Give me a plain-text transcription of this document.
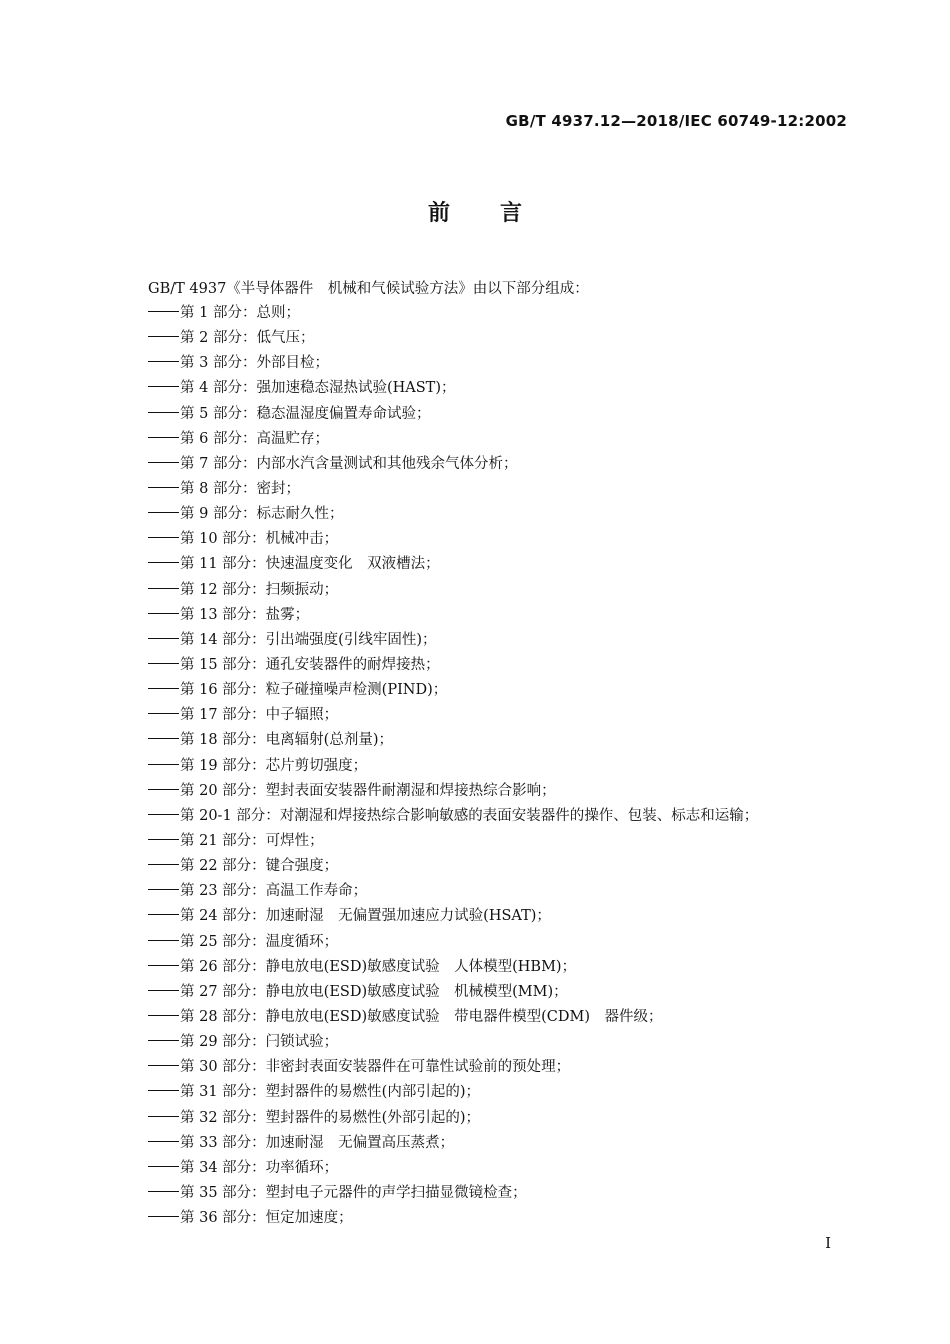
GB/T 4937.12—2018/IEC 60749-12:2002
前言
GB/T 4937《半导体器件　机械和气候试验方法》由以下部分组成：
第 1 部分：总则；
第 2 部分：低气压；
第 3 部分：外部目检；
第 4 部分：强加速稳态湿热试验(HAST)；
第 5 部分：稳态温湿度偏置寿命试验；
第 6 部分：高温贮存；
第 7 部分：内部水汽含量测试和其他残余气体分析；
第 8 部分：密封；
第 9 部分：标志耐久性；
第 10 部分：机械冲击；
第 11 部分：快速温度变化　双液槽法；
第 12 部分：扫频振动；
第 13 部分：盐雾；
第 14 部分：引出端强度(引线牢固性)；
第 15 部分：通孔安装器件的耐焊接热；
第 16 部分：粒子碰撞噪声检测(PIND)；
第 17 部分：中子辐照；
第 18 部分：电离辐射(总剂量)；
第 19 部分：芯片剪切强度；
第 20 部分：塑封表面安装器件耐潮湿和焊接热综合影响；
第 20-1 部分：对潮湿和焊接热综合影响敏感的表面安装器件的操作、包装、标志和运输；
第 21 部分：可焊性；
第 22 部分：键合强度；
第 23 部分：高温工作寿命；
第 24 部分：加速耐湿　无偏置强加速应力试验(HSAT)；
第 25 部分：温度循环；
第 26 部分：静电放电(ESD)敏感度试验　人体模型(HBM)；
第 27 部分：静电放电(ESD)敏感度试验　机械模型(MM)；
第 28 部分：静电放电(ESD)敏感度试验　带电器件模型(CDM)　器件级；
第 29 部分：闩锁试验；
第 30 部分：非密封表面安装器件在可靠性试验前的预处理；
第 31 部分：塑封器件的易燃性(内部引起的)；
第 32 部分：塑封器件的易燃性(外部引起的)；
第 33 部分：加速耐湿　无偏置高压蒸煮；
第 34 部分：功率循环；
第 35 部分：塑封电子元器件的声学扫描显微镜检查；
第 36 部分：恒定加速度；
I
